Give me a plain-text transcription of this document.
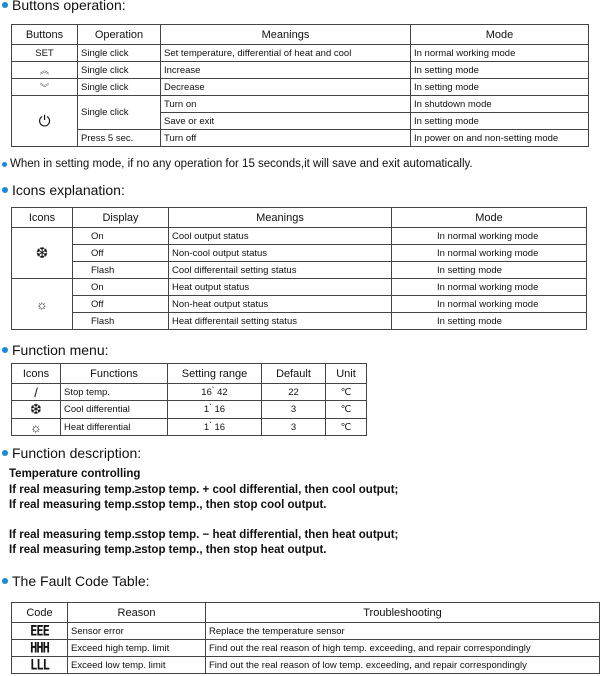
Buttons operation:
Buttons	Operation	Meanings	Mode
SET	Single click	Set temperature, differential of heat and cool	In normal working mode
︽	Single click	Increase	In setting mode
︾	Single click	Decrease	In setting mode
⏻	Single click	Turn on	In shutdown mode
		Save or exit	In setting mode
	Press 5 sec.	Turn off	In power on and non-setting mode
When in setting mode, if no any operation for 15 seconds,it will save and exit automatically.
Icons explanation:
Icons	Display	Meanings	Mode
❆	On	Cool output status	In normal working mode
	Off	Non-cool output status	In normal working mode
	Flash	Cool differentail setting status	In setting mode
☼	On	Heat output status	In normal working mode
	Off	Non-heat output status	In normal working mode
	Flash	Heat differentail setting status	In setting mode
Function menu:
Icons	Functions	Setting range	Default	Unit
/	Stop temp.	16 ̀ 42	22	℃
❆	Cool differential	1 ̀ 16	3	℃
☼	Heat differential	1 ̀ 16	3	℃
Function description:
Temperature controlling
If real measuring temp.≥stop temp. + cool differential, then cool output;
If real measuring temp.≤stop temp., then stop cool output.
If real measuring temp.≤stop temp. − heat differential, then heat output;
If real measuring temp.≥stop temp., then stop heat output.
The Fault Code Table:
Code	Reason	Troubleshooting
EEE	Sensor error	Replace the temperature sensor
HHH	Exceed high temp. limit	Find out the real reason of high temp. exceeding, and repair correspondingly
LLL	Exceed low temp. limit	Find out the real reason of low temp. exceeding, and repair correspondingly
